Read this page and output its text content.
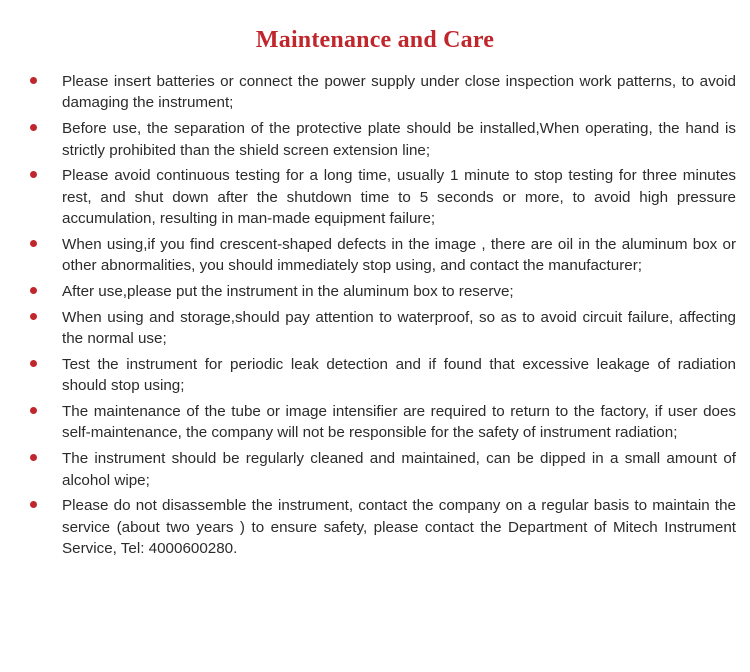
Maintenance and Care
Please insert batteries or connect the power supply under close inspection work patterns, to avoid damaging the instrument;
Before use, the separation of the protective plate should be installed,When operating, the hand is strictly prohibited than the shield screen extension line;
Please avoid continuous testing for a long time, usually 1 minute to stop testing for three minutes rest, and shut down after the shutdown time to 5 seconds or more, to avoid high pressure accumulation, resulting in man-made equipment failure;
When using,if you find crescent-shaped defects in the image , there are oil in the aluminum box or other abnormalities, you should immediately stop using, and contact the manufacturer;
After use,please put the instrument in the aluminum box to reserve;
When using and storage,should pay attention to waterproof, so as to avoid circuit failure, affecting the normal use;
Test the instrument for periodic leak detection and if found that excessive leakage of radiation should stop using;
The maintenance of the tube or image intensifier are required to return to the factory, if user does self-maintenance, the company will not be responsible for the safety of instrument radiation;
The instrument should be regularly cleaned and maintained, can be dipped in a small amount of alcohol wipe;
Please do not disassemble the instrument, contact the company on a regular basis to maintain the service (about two years ) to ensure safety, please contact the Department of Mitech Instrument Service, Tel: 4000600280.
